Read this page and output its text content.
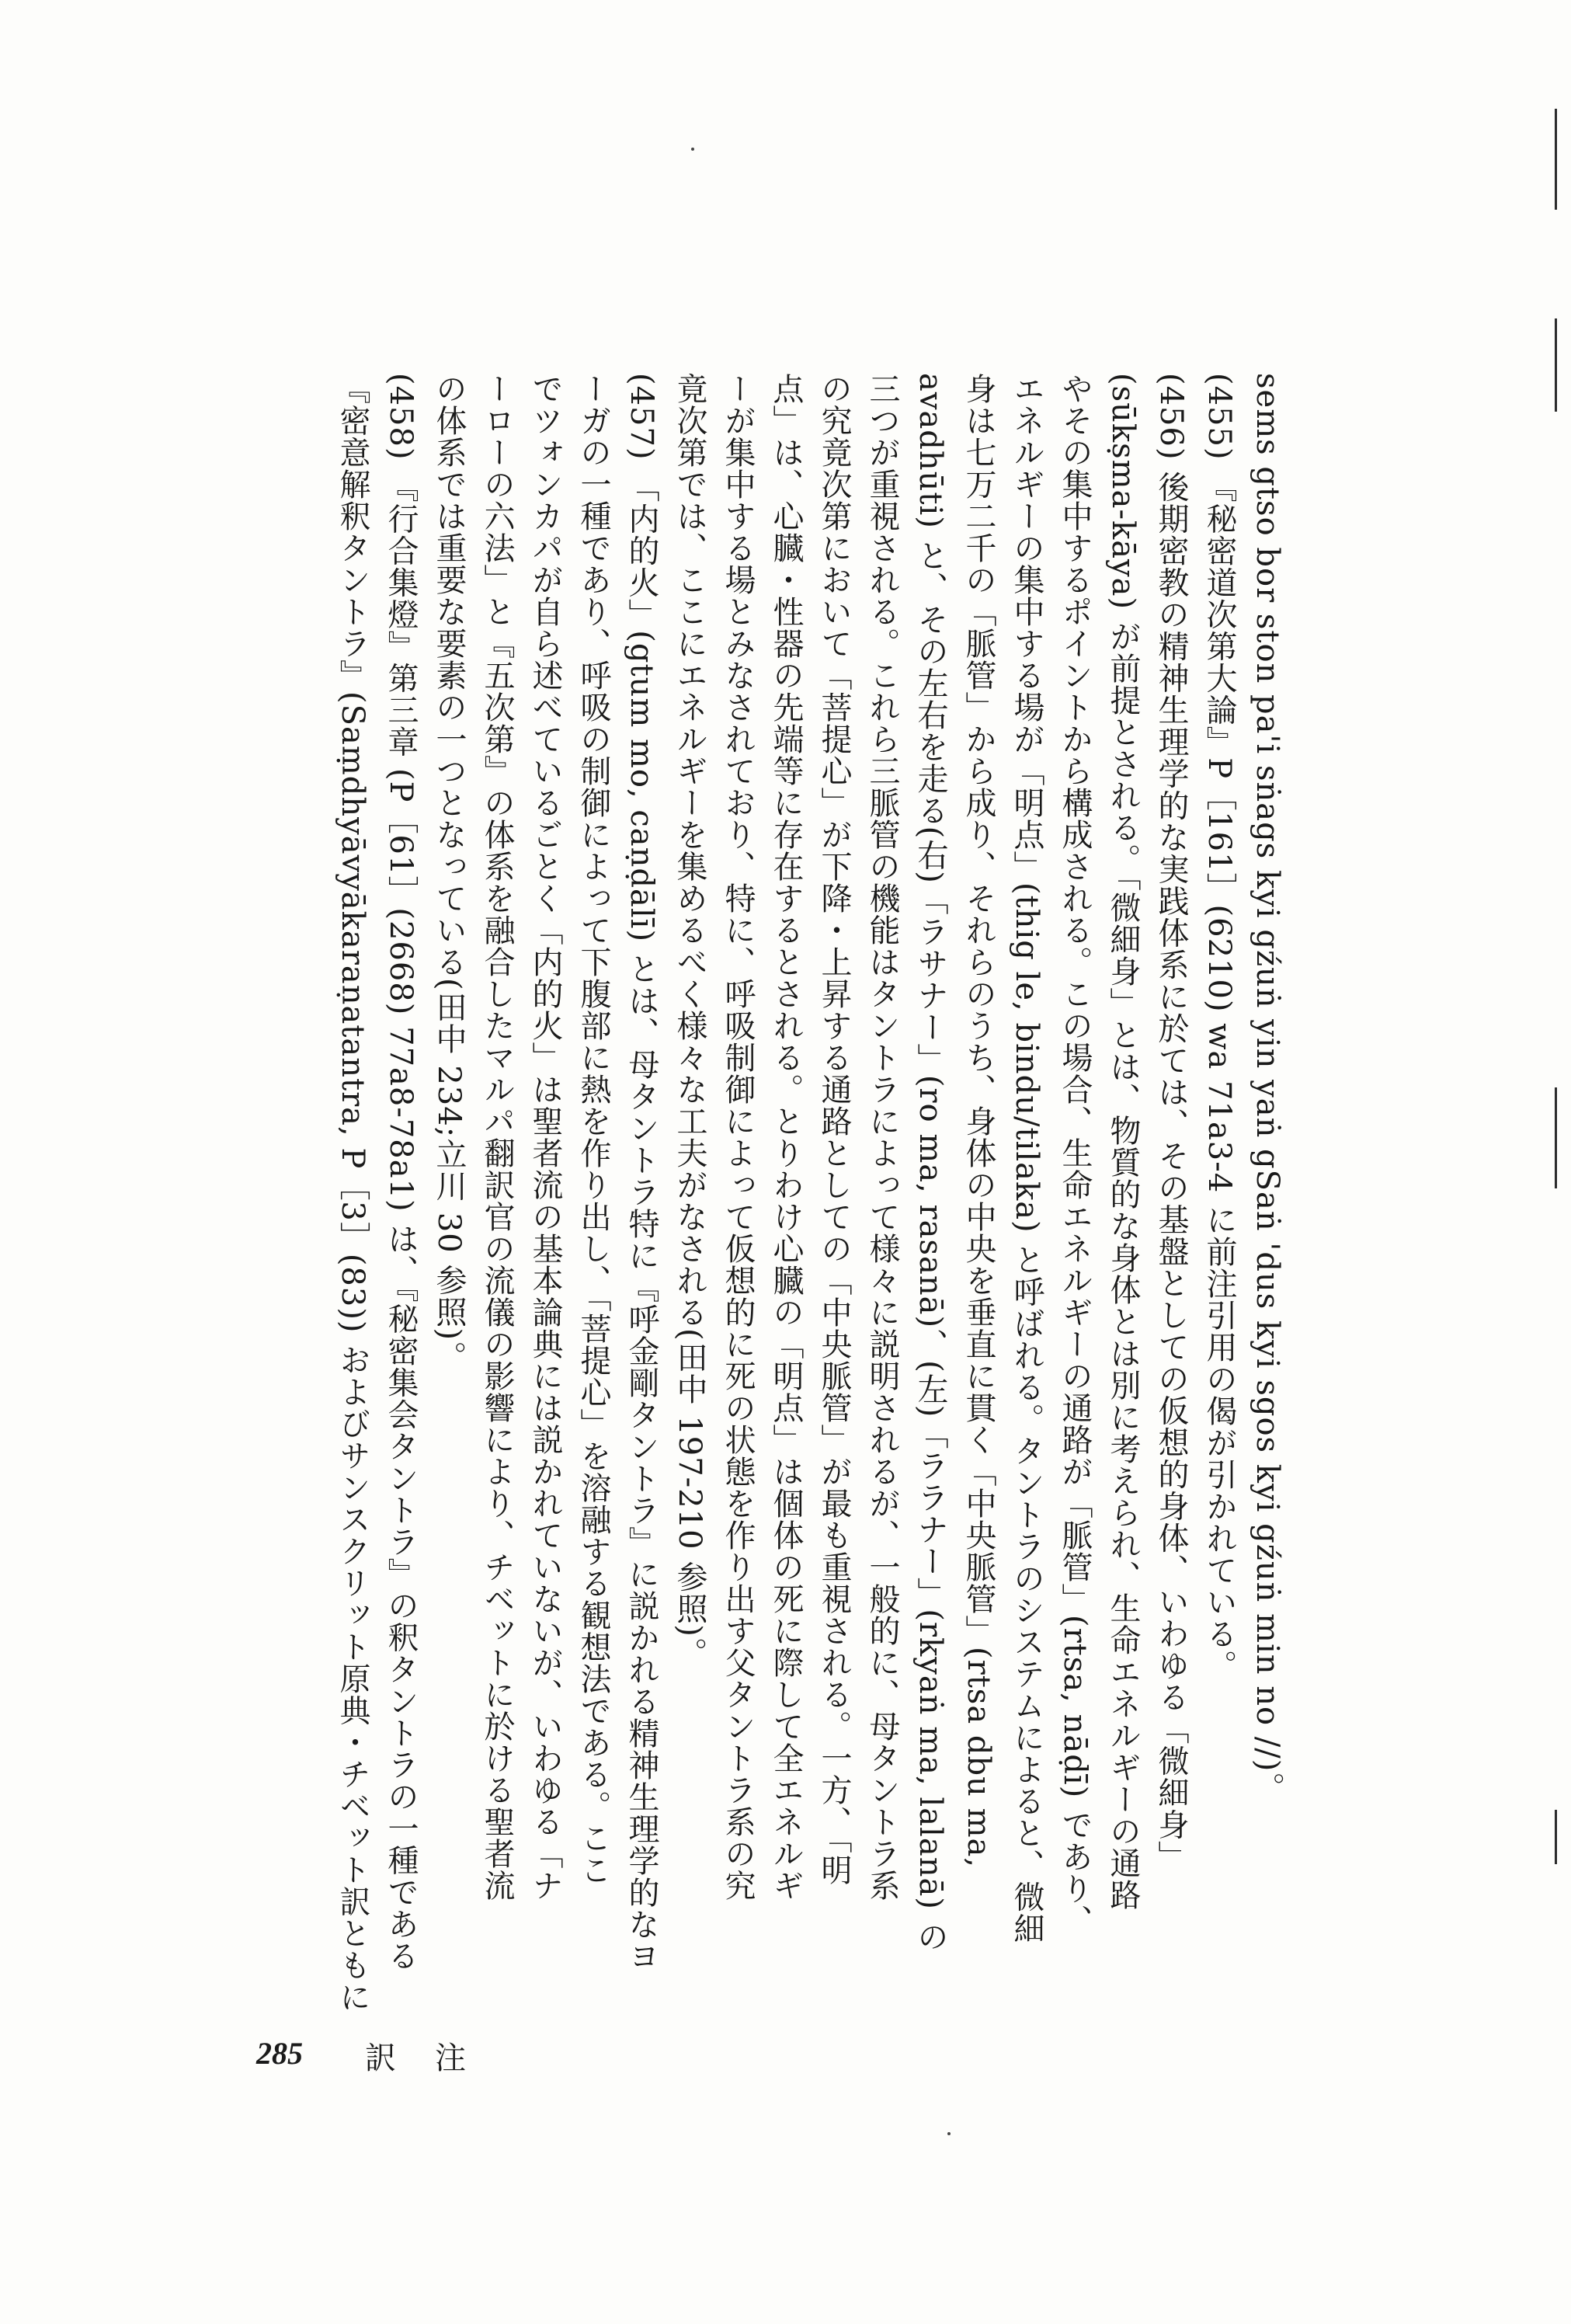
sems gtso bor ston pa'i sṅags kyi gźuṅ yin yaṅ gSaṅ 'dus kyi sgos kyi gźuṅ min no //)。
(455) 『秘密道次第大論』P［161］(6210) wa 71a3-4 に前注引用の偈が引かれている。
(456) 後期密教の精神生理学的な実践体系に於ては、その基盤としての仮想的身体、いわゆる「微細身」
(sūkṣma-kāya) が前提とされる。「微細身」とは、物質的な身体とは別に考えられ、生命エネルギーの通路
やその集中するポイントから構成される。この場合、生命エネルギーの通路が「脈管」(rtsa, nāḍī) であり、
エネルギーの集中する場が「明点」(thig le, bindu/tilaka) と呼ばれる。タントラのシステムによると、微細
身は七万二千の「脈管」から成り、それらのうち、身体の中央を垂直に貫く「中央脈管」(rtsa dbu ma,
avadhūti) と、その左右を走る(右)「ラサナー」(ro ma, rasanā)、(左)「ララナー」(rkyaṅ ma, lalanā) の
三つが重視される。これら三脈管の機能はタントラによって様々に説明されるが、一般的に、母タントラ系
の究竟次第において「菩提心」が下降・上昇する通路としての「中央脈管」が最も重視される。一方、「明
点」は、心臓・性器の先端等に存在するとされる。とりわけ心臓の「明点」は個体の死に際して全エネルギ
ーが集中する場とみなされており、特に、呼吸制御によって仮想的に死の状態を作り出す父タントラ系の究
竟次第では、ここにエネルギーを集めるべく様々な工夫がなされる(田中 197-210 参照)。
(457) 「内的火」(gtum mo, caṇḍālī) とは、母タントラ特に『呼金剛タントラ』に説かれる精神生理学的なヨ
ーガの一種であり、呼吸の制御によって下腹部に熱を作り出し、「菩提心」を溶融する観想法である。ここ
でツォンカパが自ら述べているごとく「内的火」は聖者流の基本論典には説かれていないが、いわゆる「ナ
ーローの六法」と『五次第』の体系を融合したマルパ翻訳官の流儀の影響により、チベットに於ける聖者流
の体系では重要な要素の一つとなっている(田中 234;立川 30 参照)。
(458) 『行合集燈』第三章 (P［61］(2668) 77a8-78a1) は、『秘密集会タントラ』の釈タントラの一種である
『密意解釈タントラ』(Saṃdhyāvyākaraṇatantra, P［3］(83)) およびサンスクリット原典・チベット訳ともに
285 訳注
